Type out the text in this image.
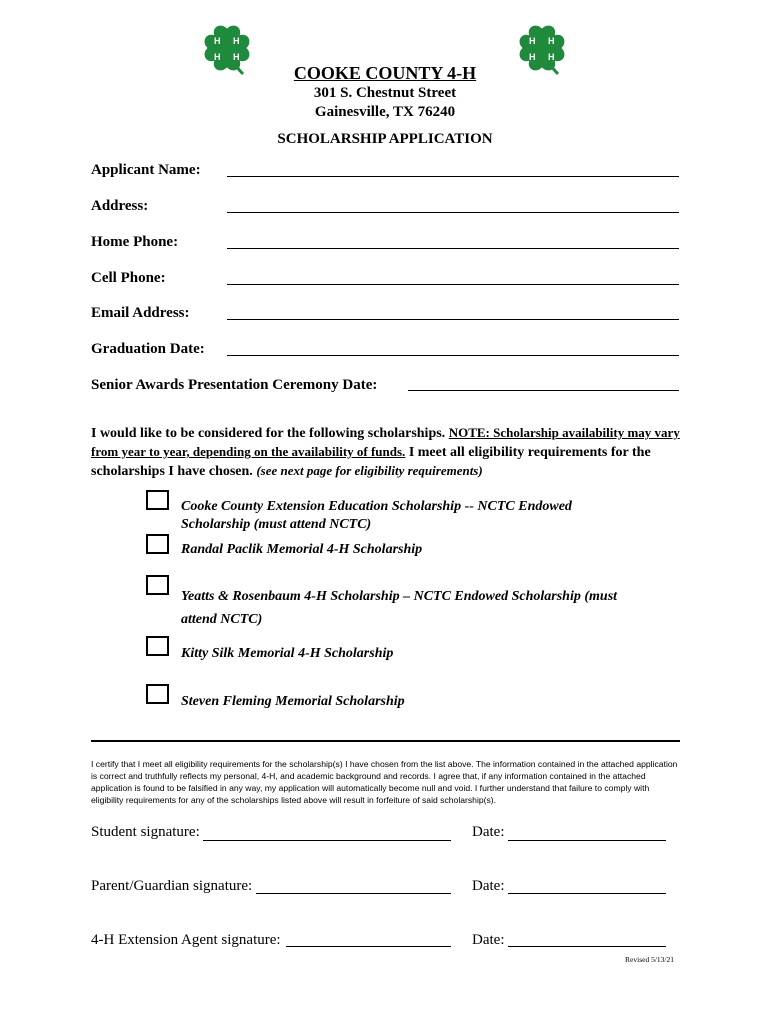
H H
H H
H H
H H
COOKE COUNTY 4-H
301 S. Chestnut Street
Gainesville, TX 76240
SCHOLARSHIP APPLICATION
Applicant Name:
Address:
Home Phone:
Cell Phone:
Email Address:
Graduation Date:
Senior Awards Presentation Ceremony Date:
I would like to be considered for the following scholarships. NOTE: Scholarship availability may vary from year to year, depending on the availability of funds. I meet all eligibility requirements for the scholarships I have chosen. (see next page for eligibility requirements)
Cooke County Extension Education Scholarship -- NCTC Endowed Scholarship (must attend NCTC)
Randal Paclik Memorial 4-H Scholarship
Yeatts & Rosenbaum 4-H Scholarship – NCTC Endowed Scholarship (must attend NCTC)
Kitty Silk Memorial 4-H Scholarship
Steven Fleming Memorial Scholarship
I certify that I meet all eligibility requirements for the scholarship(s) I have chosen from the list above. The information contained in the attached application is correct and truthfully reflects my personal, 4-H, and academic background and records. I agree that, if any information contained in the attached application is found to be falsified in any way, my application will automatically become null and void. I further understand that failure to comply with eligibility requirements for any of the scholarships listed above will result in forfeiture of said scholarship(s).
Student signature:	Date:
Parent/Guardian signature:	Date:
4-H Extension Agent signature:	Date:
Revised 5/13/21
